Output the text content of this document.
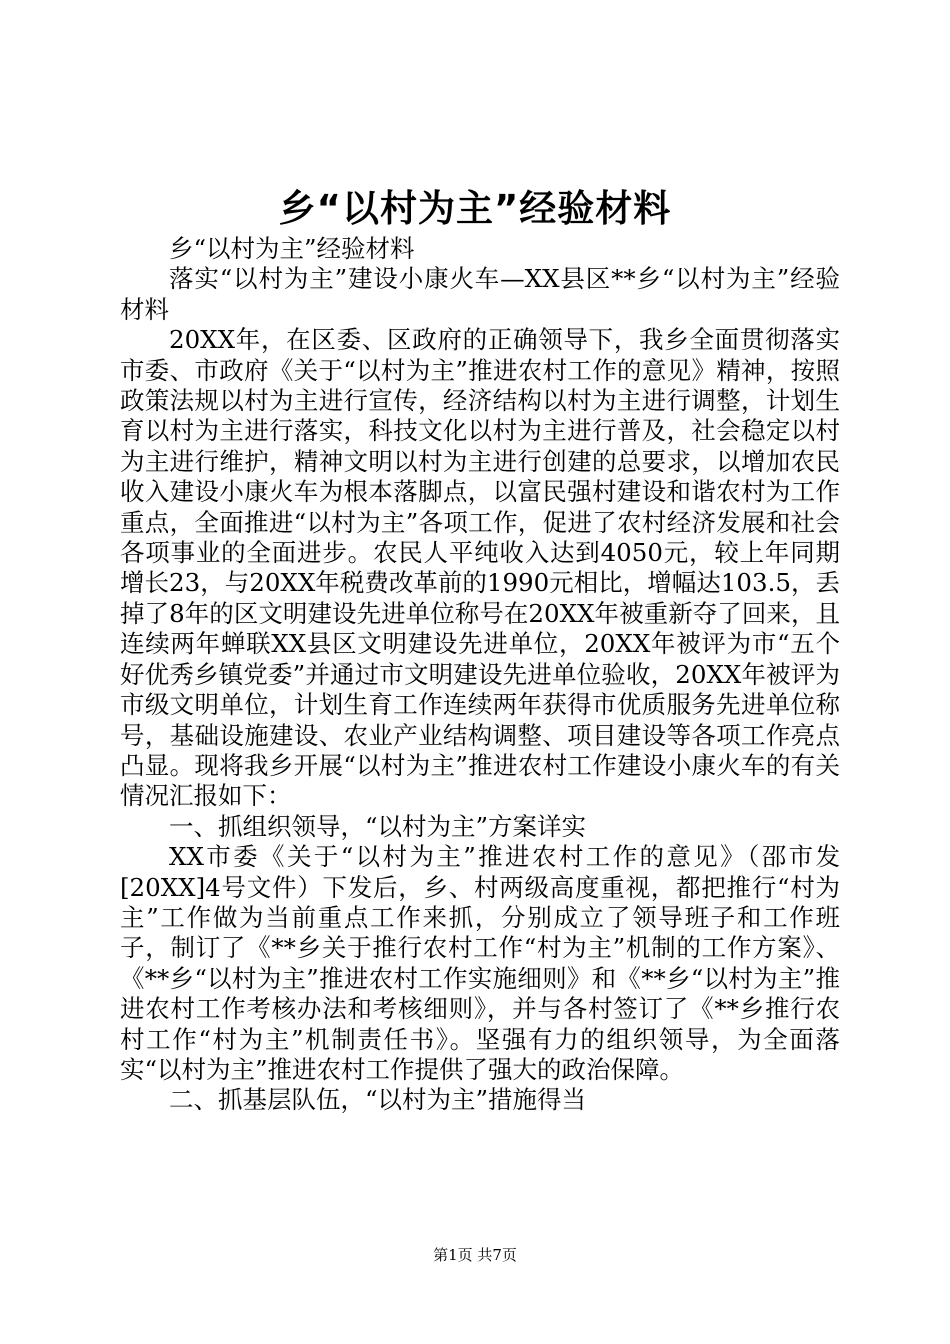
乡“以村为主”经验材料

乡“以村为主”经验材料

落实“以村为主”建设小康火车—XX县区**乡“以村为主”经验材料

20XX年，在区委、区政府的正确领导下，我乡全面贯彻落实市委、市政府《关于“以村为主”推进农村工作的意见》精神，按照政策法规以村为主进行宣传，经济结构以村为主进行调整，计划生育以村为主进行落实，科技文化以村为主进行普及，社会稳定以村为主进行维护，精神文明以村为主进行创建的总要求，以增加农民收入建设小康火车为根本落脚点，以富民强村建设和谐农村为工作重点，全面推进“以村为主”各项工作，促进了农村经济发展和社会各项事业的全面进步。农民人平纯收入达到4050元，较上年同期增长23，与20XX年税费改革前的1990元相比，增幅达103.5，丢掉了8年的区文明建设先进单位称号在20XX年被重新夺了回来，且连续两年蝉联XX县区文明建设先进单位，20XX年被评为市“五个好优秀乡镇党委”并通过市文明建设先进单位验收，20XX年被评为市级文明单位，计划生育工作连续两年获得市优质服务先进单位称号，基础设施建设、农业产业结构调整、项目建设等各项工作亮点凸显。现将我乡开展“以村为主”推进农村工作建设小康火车的有关情况汇报如下：

一、抓组织领导，“以村为主”方案详实

XX市委《关于“以村为主”推进农村工作的意见》（邵市发[20XX]4号文件）下发后，乡、村两级高度重视，都把推行“村为主”工作做为当前重点工作来抓，分别成立了领导班子和工作班子，制订了《**乡关于推行农村工作“村为主”机制的工作方案》、《**乡“以村为主”推进农村工作实施细则》和《**乡“以村为主”推进农村工作考核办法和考核细则》，并与各村签订了《**乡推行农村工作“村为主”机制责任书》。坚强有力的组织领导，为全面落实“以村为主”推进农村工作提供了强大的政治保障。

二、抓基层队伍，“以村为主”措施得当

第1页 共7页
